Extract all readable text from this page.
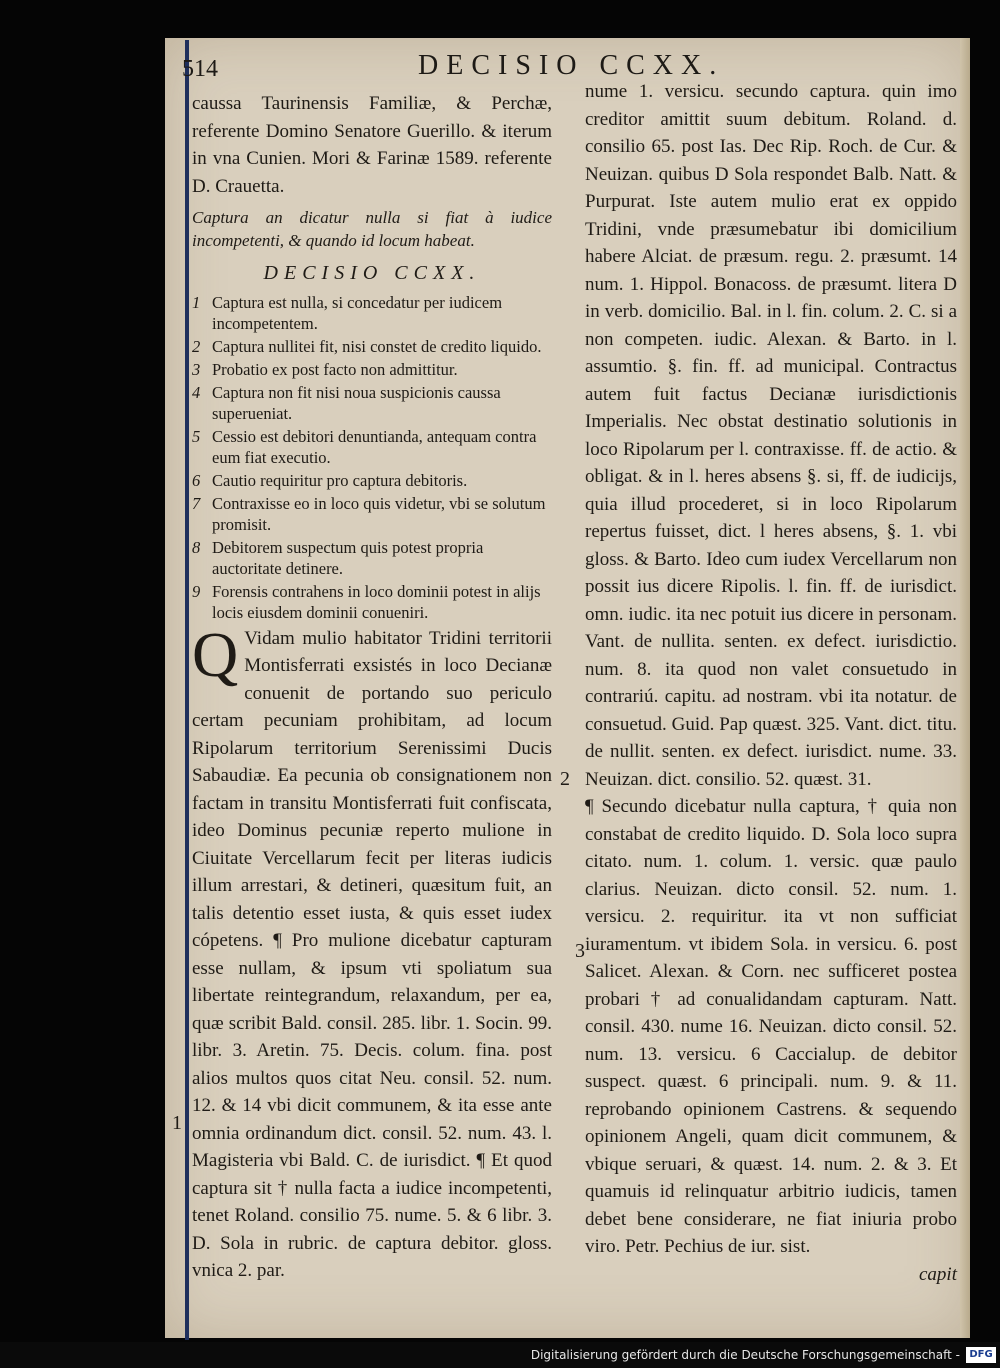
514	DECISIO CCXX.

caussa Taurinensis Familiæ, & Perchæ, referente Domino Senatore Guerillo. & iterum in vna Cunien. Mori & Farinæ 1589. referente D. Crauetta.

Captura an dicatur nulla si fiat à iudice incompetenti, & quando id locum habeat.

DECISIO CCXX.
1 Captura est nulla, si concedatur per iudicem incompetentem.
2 Captura nullitei fit, nisi constet de credito liquido.
3 Probatio ex post facto non admittitur.
4 Captura non fit nisi noua suspicionis caussa superueniat.
5 Cessio est debitori denuntianda, antequam contra eum fiat executio.
6 Cautio requiritur pro captura debitoris.
7 Contraxisse eo in loco quis videtur, vbi se solutum promisit.
8 Debitorem suspectum quis potest propria auctoritate detinere.
9 Forensis contrahens in loco dominii potest in alijs locis eiusdem dominii conueniri.

Q Vidam mulio habitator Tridini territorii Montisferrati exsistés in loco Decianæ conuenit de portando suo periculo certam pecuniam prohibitam, ad locum Ripolarum territorium Serenissimi Ducis Sabaudiæ. Ea pecunia ob consignationem non factam in transitu Montisferrati fuit confiscata, ideo Dominus pecuniæ reperto mulione in Ciuitate Vercellarum fecit per literas iudicis illum arrestari, & detineri, quæsitum fuit, an talis detentio esset iusta, & quis esset iudex cópetens. ¶ Pro mulione dicebatur capturam esse nullam, & ipsum vti spoliatum sua libertate reintegrandum, relaxandum, per ea, quæ scribit Bald. consil. 285. libr. 1. Socin. 99. libr. 3. Aretin. 75. Decis. colum. fina. post alios multos quos citat Neu. consil. 52. num. 12. & 14 vbi dicit communem, & ita esse ante omnia ordinandum dict. consil. 52. num. 43. l. Magisteria vbi Bald. C. de iurisdict. ¶ Et quod captura sit † nulla facta a iudice incompetenti, tenet Roland. consilio 75. nume. 5. & 6 libr. 3. D. Sola in rubric. de captura debitor. gloss. vnica 2. par.

nume 1. versicu. secundo captura. quin imo creditor amittit suum debitum. Roland. d. consilio 65. post Ias. Dec Rip. Roch. de Cur. & Neuizan. quibus D Sola respondet Balb. Natt. & Purpurat. Iste autem mulio erat ex oppido Tridini, vnde præsumebatur ibi domicilium habere Alciat. de præsum. regu. 2. præsumt. 14 num. 1. Hippol. Bonacoss. de præsumt. litera D in verb. domicilio. Bal. in l. fin. colum. 2. C. si a non competen. iudic. Alexan. & Barto. in l. assumtio. §. fin. ff. ad municipal. Contractus autem fuit factus Decianæ iurisdictionis Imperialis. Nec obstat destinatio solutionis in loco Ripolarum per l. contraxisse. ff. de actio. & obligat. & in l. heres absens §. si, ff. de iudicijs, quia illud procederet, si in loco Ripolarum repertus fuisset, dict. l heres absens, §. 1. vbi gloss. & Barto. Ideo cum iudex Vercellarum non possit ius dicere Ripolis. l. fin. ff. de iurisdict. omn. iudic. ita nec potuit ius dicere in personam. Vant. de nullita. senten. ex defect. iurisdictio. num. 8. ita quod non valet consuetudo in contrariú. capitu. ad nostram. vbi ita notatur. de consuetud. Guid. Pap quæst. 325. Vant. dict. titu. de nullit. senten. ex defect. iurisdict. nume. 33. Neuizan. dict. consilio. 52. quæst. 31.

¶ Secundo dicebatur nulla captura, † quia non constabat de credito liquido. D. Sola loco supra citato. num. 1. colum. 1. versic. quæ paulo clarius. Neuizan. dicto consil. 52. num. 1. versicu. 2. requiritur. ita vt non sufficiat iuramentum. vt ibidem Sola. in versicu. 6. post Salicet. Alexan. & Corn. nec sufficeret postea probari † ad conualidandam capturam. Natt. consil. 430. nume 16. Neuizan. dicto consil. 52. num. 13. versicu. 6 Caccialup. de debitor suspect. quæst. 6 principali. num. 9. & 11. reprobando opinionem Castrens. & sequendo opinionem Angeli, quam dicit communem, & vbique seruari, & quæst. 14. num. 2. & 3. Et quamuis id relinquatur arbitrio iudicis, tamen debet bene considerare, ne fiat iniuria probo viro. Petr. Pechius de iur. sist.

capit

2
3
1
Digitalisierung gefördert durch die Deutsche Forschungsgemeinschaft - DFG
